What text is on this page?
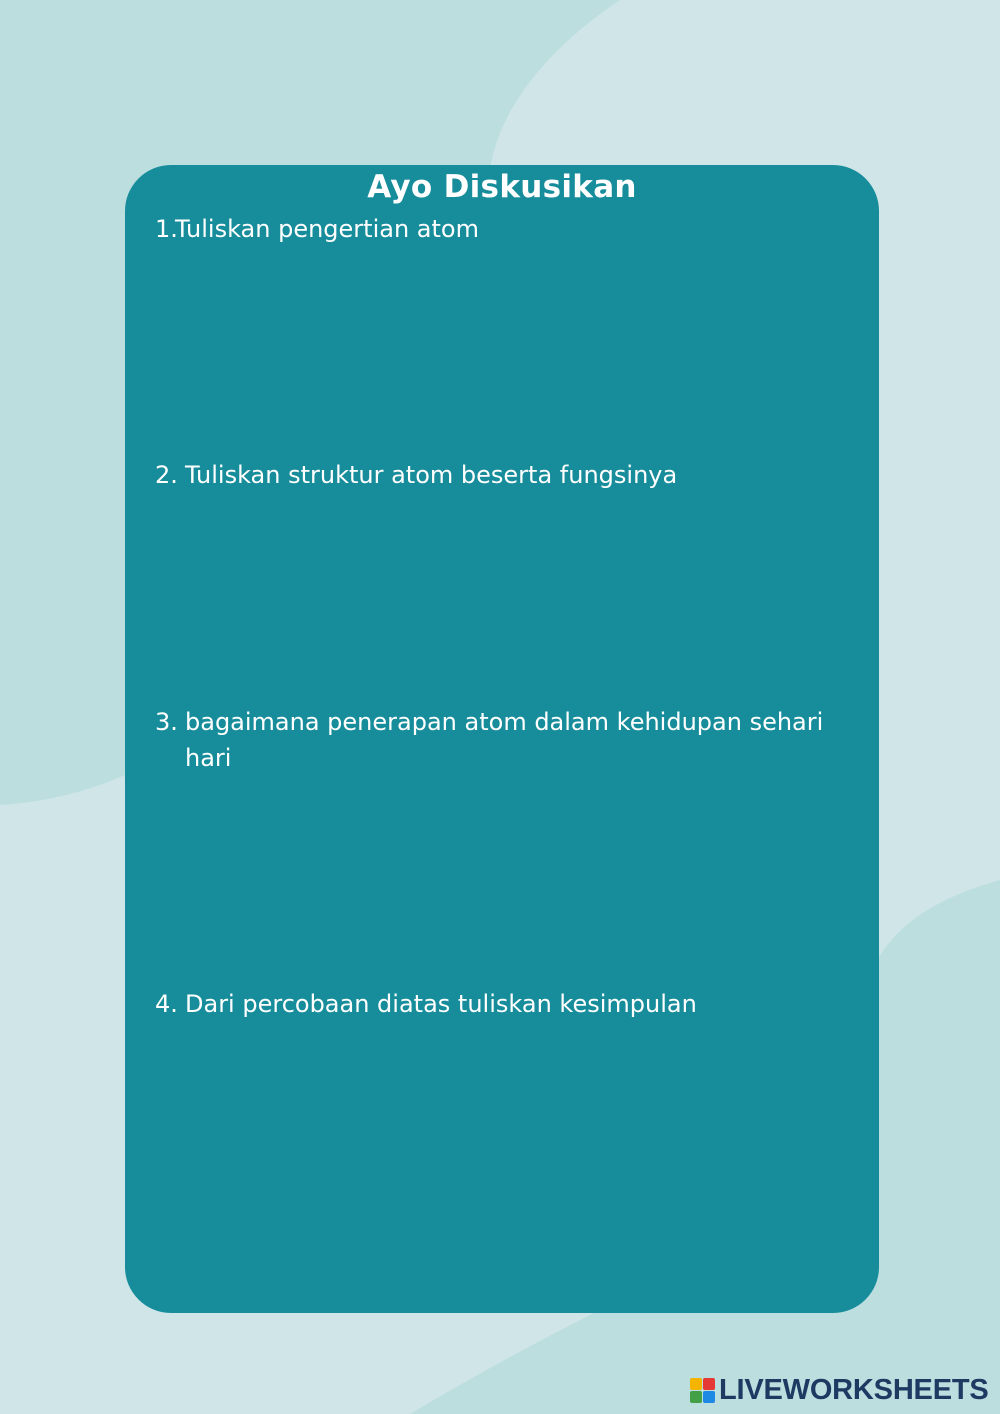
Ayo Diskusikan
1.
Tuliskan pengertian atom
2. Tuliskan struktur atom beserta fungsinya
3. bagaimana penerapan atom dalam kehidupan sehari hari
4. Dari percobaan diatas tuliskan kesimpulan
LIVEWORKSHEETS
